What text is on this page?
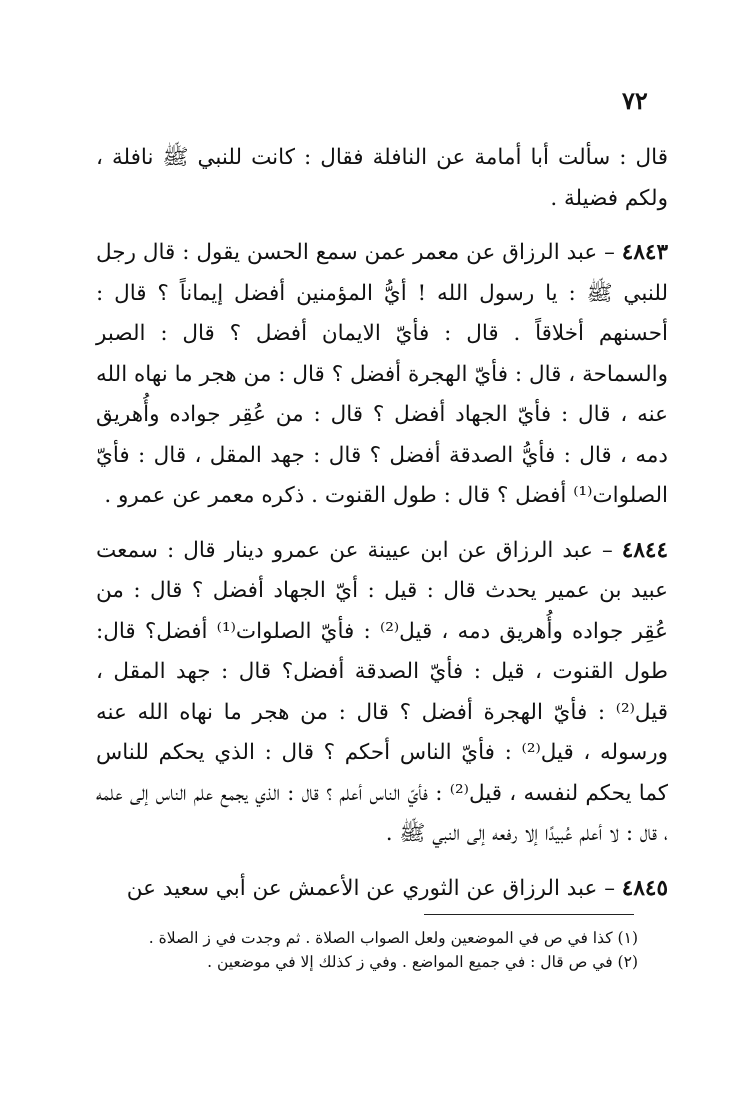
٧٢

قال : سألت أبا أمامة عن النافلة فقال : كانت للنبي ﷺ نافلة ، ولكم فضيلة .

٤٨٤٣ – عبد الرزاق عن معمر عمن سمع الحسن يقول : قال رجل للنبي ﷺ : يا رسول الله ! أيُّ المؤمنين أفضل إيماناً ؟ قال : أحسنهم أخلاقاً . قال : فأيّ الايمان أفضل ؟ قال : الصبر والسماحة ، قال : فأيّ الهجرة أفضل ؟ قال : من هجر ما نهاه الله عنه ، قال : فأيّ الجهاد أفضل ؟ قال : من عُقِر جواده وأُهريق دمه ، قال : فأيُّ الصدقة أفضل ؟ قال : جهد المقل ، قال : فأيّ الصلوات⁽¹⁾ أفضل ؟ قال : طول القنوت . ذكره معمر عن عمرو .

٤٨٤٤ – عبد الرزاق عن ابن عيينة عن عمرو دينار قال : سمعت عبيد بن عمير يحدث قال : قيل : أيّ الجهاد أفضل ؟ قال : من عُقِر جواده وأُهريق دمه ، قيل⁽²⁾ : فأيّ الصلوات⁽¹⁾ أفضل؟ قال: طول القنوت ، قيل : فأيّ الصدقة أفضل؟ قال : جهد المقل ، قيل⁽²⁾ : فأيّ الهجرة أفضل ؟ قال : من هجر ما نهاه الله عنه ورسوله ، قيل⁽²⁾ : فأيّ الناس أحكم ؟ قال : الذي يحكم للناس كما يحكم لنفسه ، قيل⁽²⁾ : فأيّ الناس أعلم ؟ قال : الذي يجمع علم الناس إلى علمه ، قال : لا أعلم عُبيدًا إلا رفعه إلى النبي ﷺ .

٤٨٤٥ – عبد الرزاق عن الثوري عن الأعمش عن أبي سعيد عن

(١) كذا في ص في الموضعين ولعل الصواب الصلاة . ثم وجدت في ز الصلاة .
(٢) في ص قال : في جميع المواضع . وفي ز كذلك إلا في موضعين .
